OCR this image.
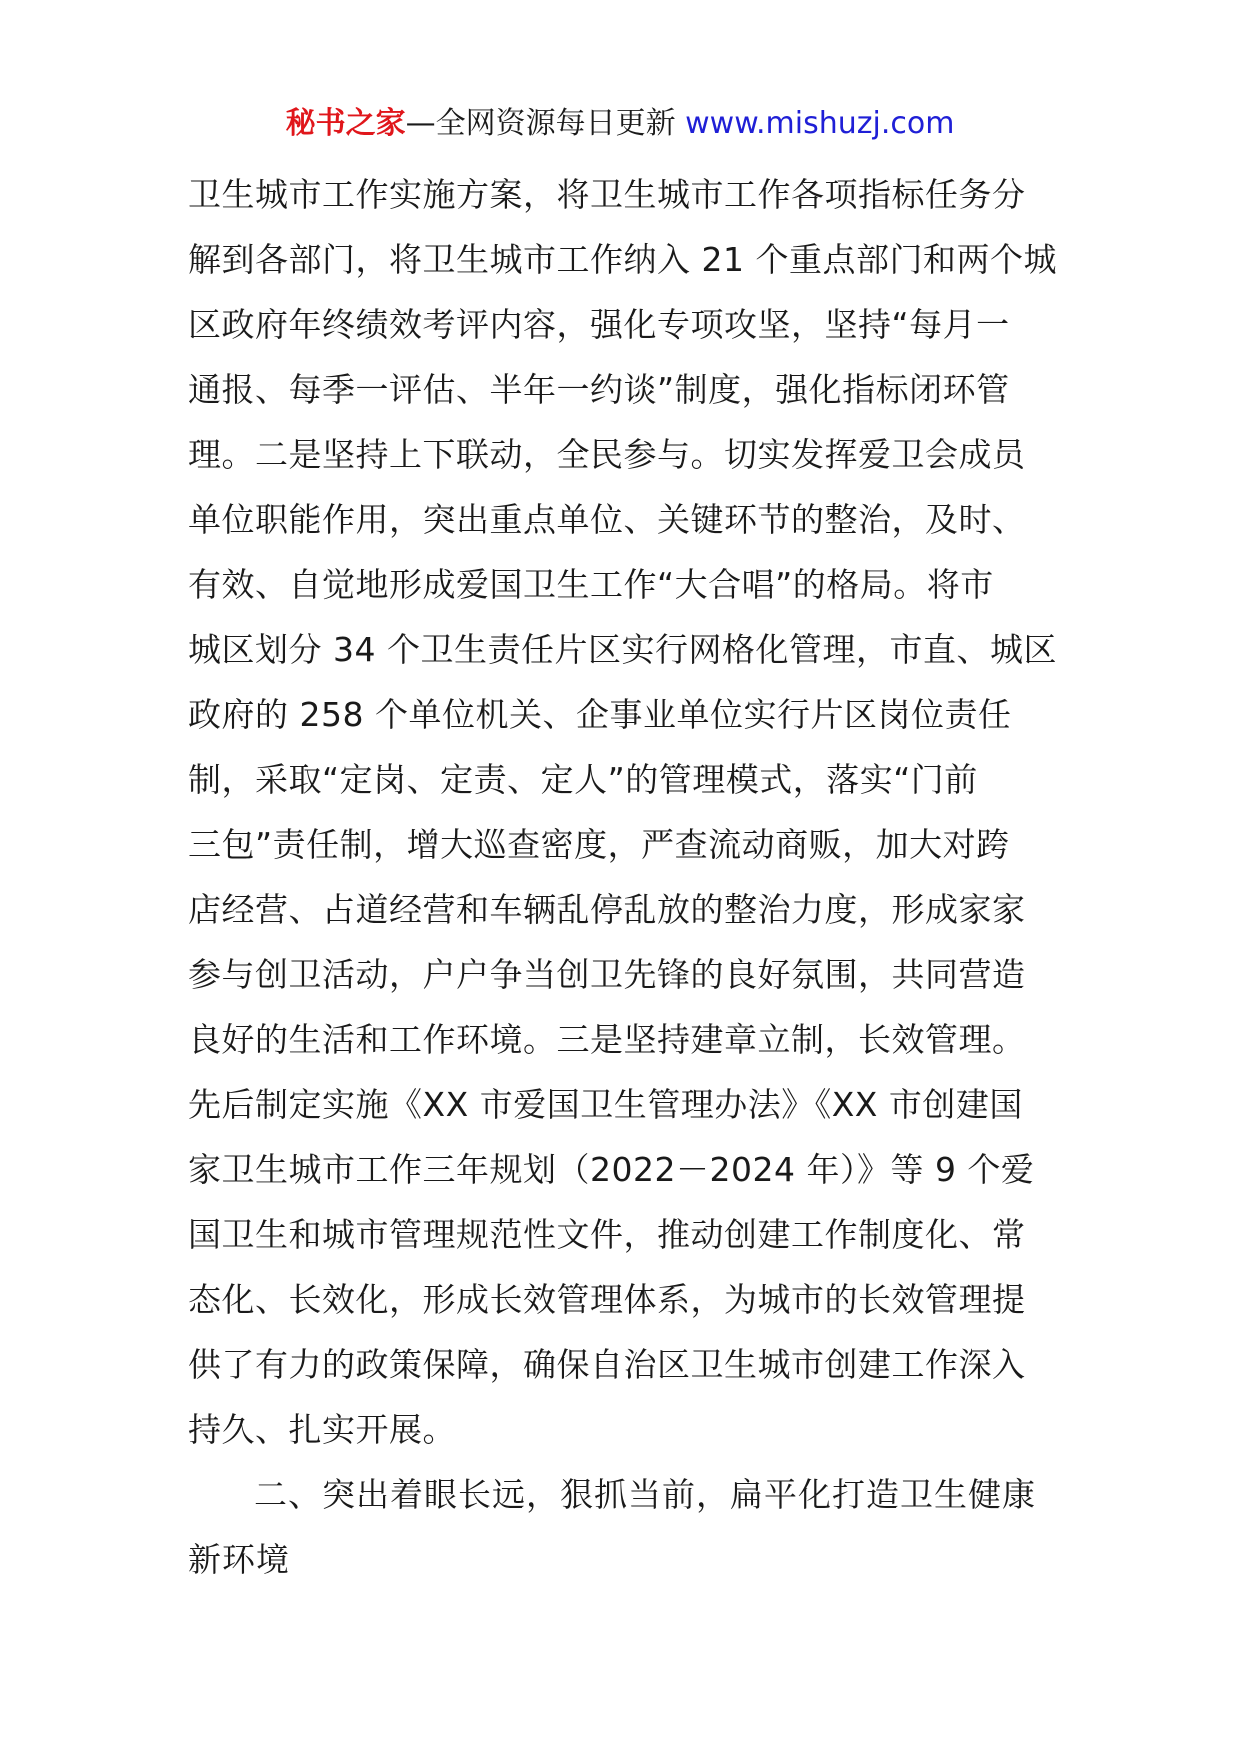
秘书之家—全网资源每日更新 www.mishuzj.com
卫生城市工作实施方案，将卫生城市工作各项指标任务分
解到各部门，将卫生城市工作纳入 21 个重点部门和两个城
区政府年终绩效考评内容，强化专项攻坚，坚持“每月一
通报、每季一评估、半年一约谈”制度，强化指标闭环管
理。二是坚持上下联动，全民参与。切实发挥爱卫会成员
单位职能作用，突出重点单位、关键环节的整治，及时、
有效、自觉地形成爱国卫生工作“大合唱”的格局。将市
城区划分 34 个卫生责任片区实行网格化管理，市直、城区
政府的 258 个单位机关、企事业单位实行片区岗位责任
制，采取“定岗、定责、定人”的管理模式，落实“门前
三包”责任制，增大巡查密度，严查流动商贩，加大对跨
店经营、占道经营和车辆乱停乱放的整治力度，形成家家
参与创卫活动，户户争当创卫先锋的良好氛围，共同营造
良好的生活和工作环境。三是坚持建章立制，长效管理。
先后制定实施《XX 市爱国卫生管理办法》《XX 市创建国
家卫生城市工作三年规划（2022－2024 年）》等 9 个爱
国卫生和城市管理规范性文件，推动创建工作制度化、常
态化、长效化，形成长效管理体系，为城市的长效管理提
供了有力的政策保障，确保自治区卫生城市创建工作深入
持久、扎实开展。
二、突出着眼长远，狠抓当前，扁平化打造卫生健康
新环境
